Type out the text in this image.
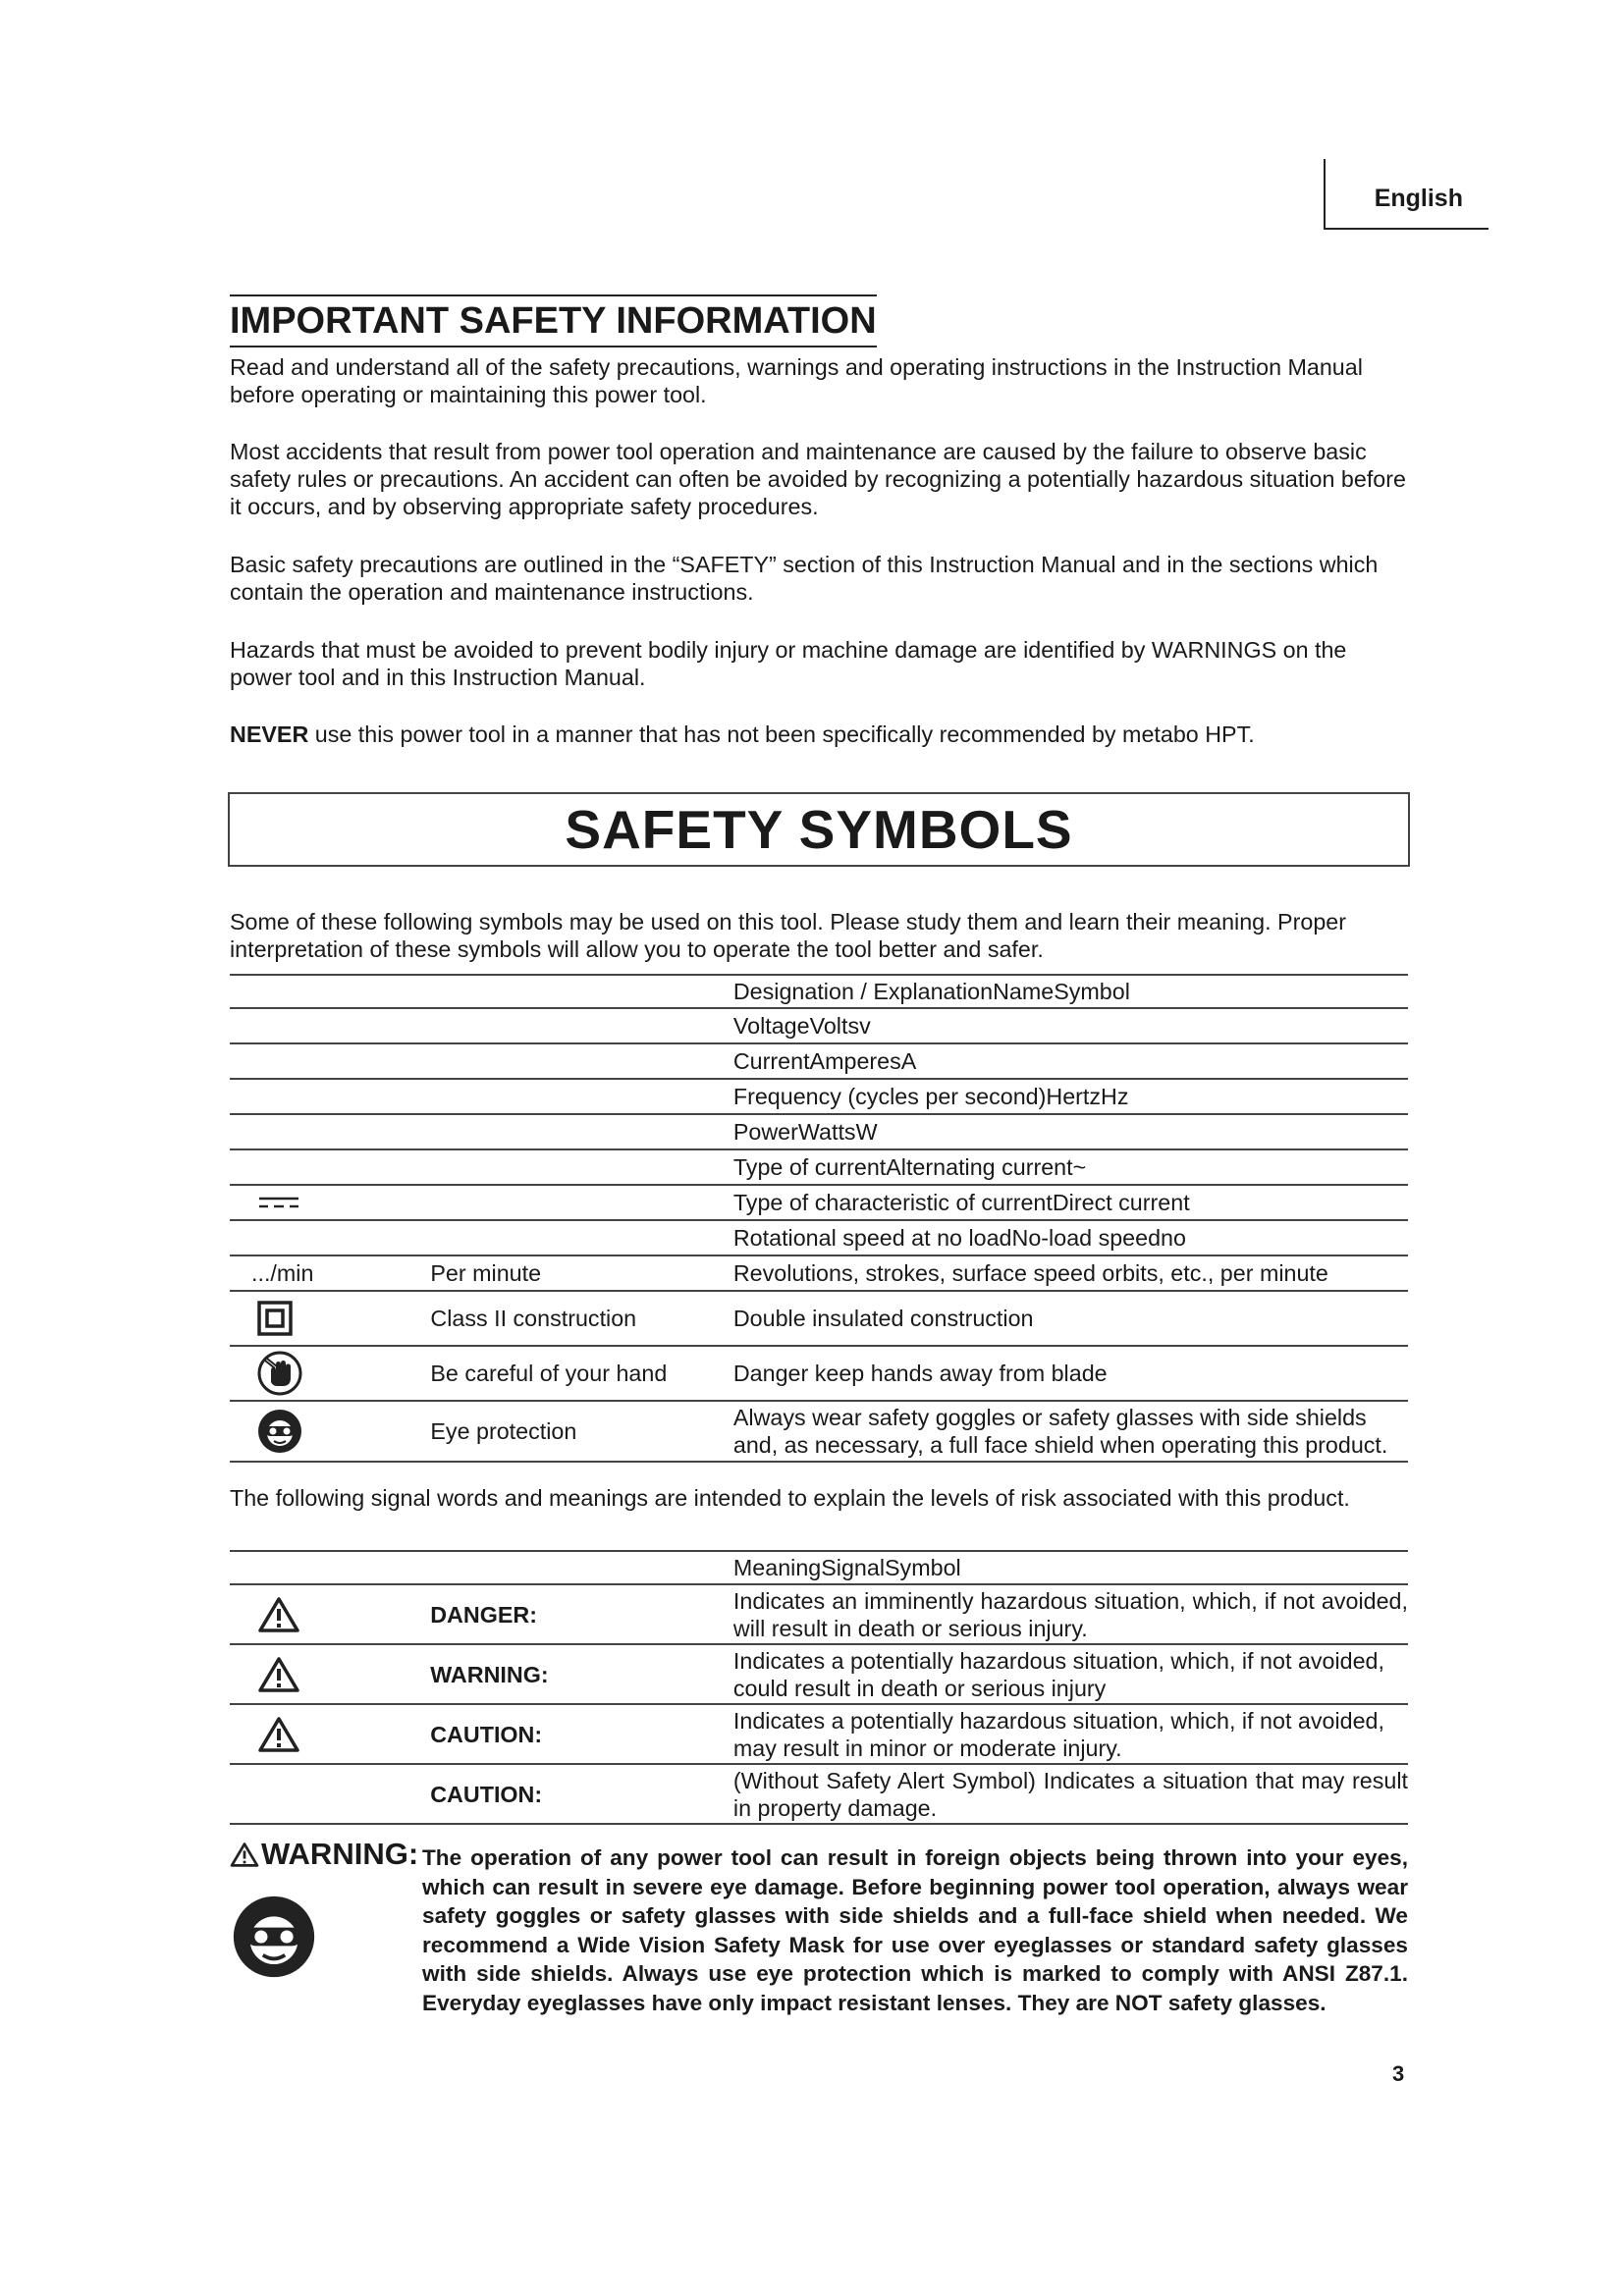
English
IMPORTANT SAFETY INFORMATION

Read and understand all of the safety precautions, warnings and operating instructions in the Instruction Manual before operating or maintaining this power tool.

Most accidents that result from power tool operation and maintenance are caused by the failure to observe basic safety rules or precautions. An accident can often be avoided by recognizing a potentially hazardous situation before it occurs, and by observing appropriate safety procedures.

Basic safety precautions are outlined in the “SAFETY” section of this Instruction Manual and in the sections which contain the operation and maintenance instructions.

Hazards that must be avoided to prevent bodily injury or machine damage are identified by WARNINGS on the power tool and in this Instruction Manual.

NEVER use this power tool in a manner that has not been specifically recommended by metabo HPT.

SAFETY SYMBOLS

Some of these following symbols may be used on this tool. Please study them and learn their meaning. Proper interpretation of these symbols will allow you to operate the tool better and safer.

		Designation / ExplanationNameSymbol
		VoltageVoltsv
		CurrentAmperesA
		Frequency (cycles per second)HertzHz
		PowerWattsW
		Type of currentAlternating current~

		Type of characteristic of currentDirect current
		Rotational speed at no loadNo-load speedno
.../min	Per minute	Revolutions, strokes, surface speed orbits, etc., per minute

	Class II construction	Double insulated construction

	Be careful of your hand	Danger keep hands away from blade

	Eye protection	Always wear safety goggles or safety glasses with side shields and, as necessary, a full face shield when operating this product.

The following signal words and meanings are intended to explain the levels of risk associated with this product.

		MeaningSignalSymbol

	DANGER:	Indicates an imminently hazardous situation, which, if not avoided, will result in death or serious injury.

	WARNING:	Indicates a potentially hazardous situation, which, if not avoided, could result in death or serious injury

	CAUTION:	Indicates a potentially hazardous situation, which, if not avoided, may result in minor or moderate injury.
	CAUTION:	(Without Safety Alert Symbol) Indicates a situation that may result in property damage.
WARNING: The operation of any power tool can result in foreign objects being thrown into your eyes, which can result in severe eye damage. Before beginning power tool operation, always wear safety goggles or safety glasses with side shields and a full-face shield when needed. We recommend a Wide Vision Safety Mask for use over eyeglasses or standard safety glasses with side shields. Always use eye protection which is marked to comply with ANSI Z87.1. Everyday eyeglasses have only impact resistant lenses. They are NOT safety glasses.

3
